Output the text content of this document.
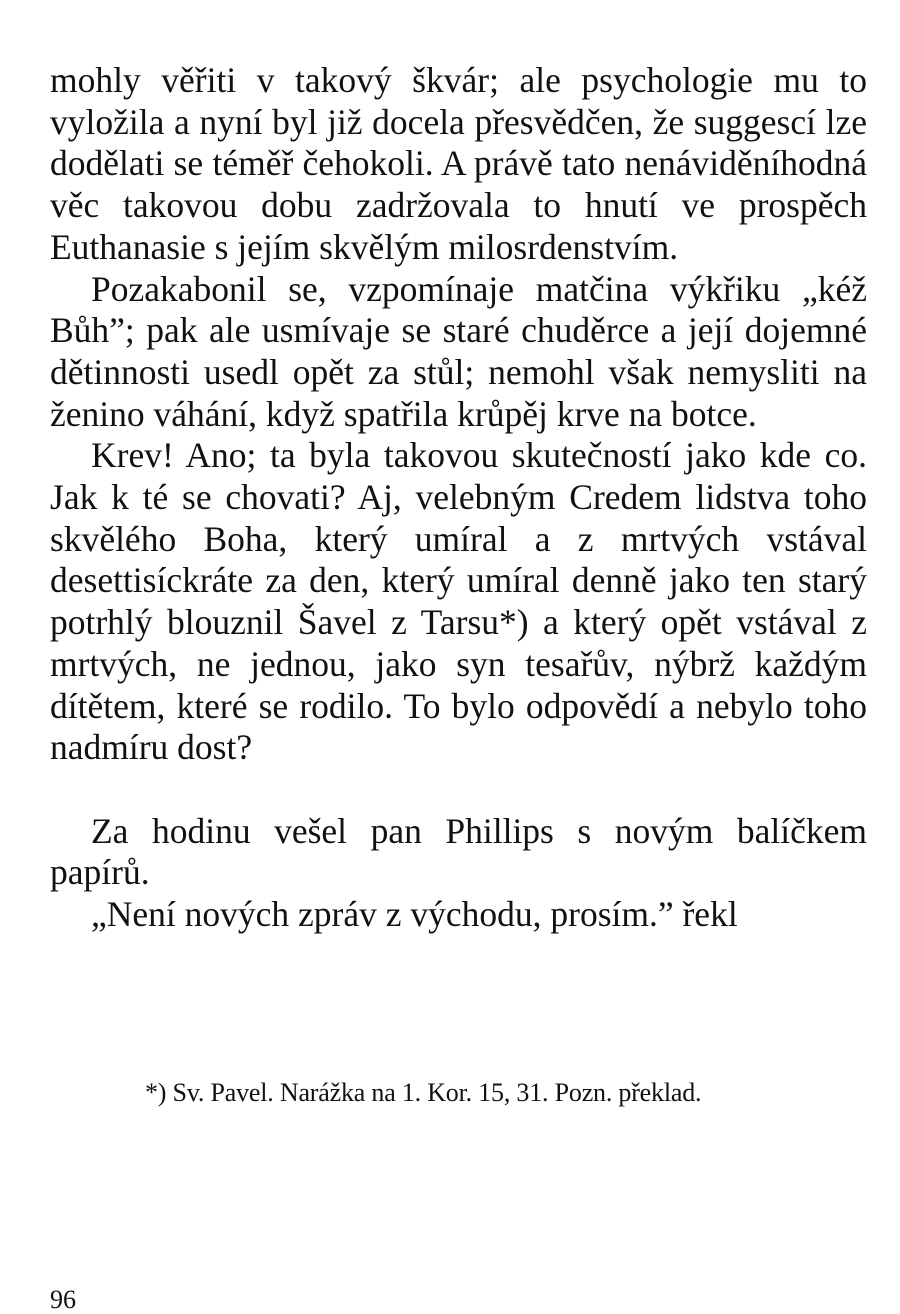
mohly věřiti v takový škvár; ale psychologie mu to vyložila a nyní byl již docela přesvědčen, že suggescí lze dodělati se téměř čehokoli. A právě tato nenáviděníhodná věc takovou dobu zadržovala to hnutí ve prospěch Euthanasie s jejím skvělým milosrdenstvím.

Pozakabonil se, vzpomínaje matčina výkřiku „kéž Bůh”; pak ale usmívaje se staré chuděrce a její dojemné dětinnosti usedl opět za stůl; nemohl však nemysliti na ženino váhání, když spatřila krůpěj krve na botce.

Krev! Ano; ta byla takovou skutečností jako kde co. Jak k té se chovati? Aj, velebným Credem lidstva toho skvělého Boha, který umíral a z mrtvých vstával desettisíckráte za den, který umíral denně jako ten starý potrhlý blouznil Šavel z Tarsu*) a který opět vstával z mrtvých, ne jednou, jako syn tesařův, nýbrž každým dítětem, které se rodilo. To bylo odpovědí a nebylo toho nadmíru dost?

Za hodinu vešel pan Phillips s novým balíčkem papírů.

„Není nových zpráv z východu, prosím.” řekl

*) Sv. Pavel. Narážka na 1. Kor. 15, 31. Pozn. překlad.
96
